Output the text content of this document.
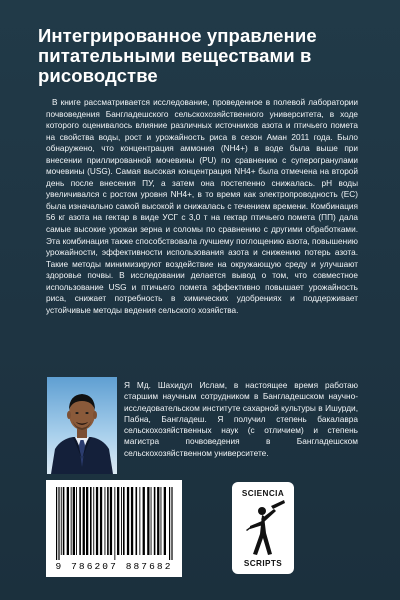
Интегрированное управление питательными веществами в рисоводстве

В книге рассматривается исследование, проведенное в полевой лаборатории почвоведения Бангладешского сельскохозяйственного университета, в ходе которого оценивалось влияние различных источников азота и птичьего помета на свойства воды, рост и урожайность риса в сезон Аман 2011 года. Было обнаружено, что концентрация аммония (NH4+) в воде была выше при внесении приллированной мочевины (PU) по сравнению с суперогранулами мочевины (USG). Самая высокая концентрация NH4+ была отмечена на второй день после внесения ПУ, а затем она постепенно снижалась. pH воды увеличивался с ростом уровня NH4+, в то время как электропроводность (ЕС) была изначально самой высокой и снижалась с течением времени. Комбинация 56 кг азота на гектар в виде УСГ с 3,0 т на гектар птичьего помета (ПП) дала самые высокие урожаи зерна и соломы по сравнению с другими обработками. Эта комбинация также способствовала лучшему поглощению азота, повышению урожайности, эффективности использования азота и снижению потерь азота. Такие методы минимизируют воздействие на окружающую среду и улучшают здоровье почвы. В исследовании делается вывод о том, что совместное использование USG и птичьего помета эффективно повышает урожайность риса, снижает потребность в химических удобрениях и поддерживает устойчивые методы ведения сельского хозяйства.

Я Мд. Шахидул Ислам, в настоящее время работаю старшим научным сотрудником в Бангладешском научно-исследовательском институте сахарной культуры в Ишурди, Пабна, Бангладеш. Я получил степень бакалавра сельскохозяйственных наук (с отличием) и степень магистра почвоведения в Бангладешском сельскохозяйственном университете.

9 786207 887682
SCIENCIA
SCRIPTS
